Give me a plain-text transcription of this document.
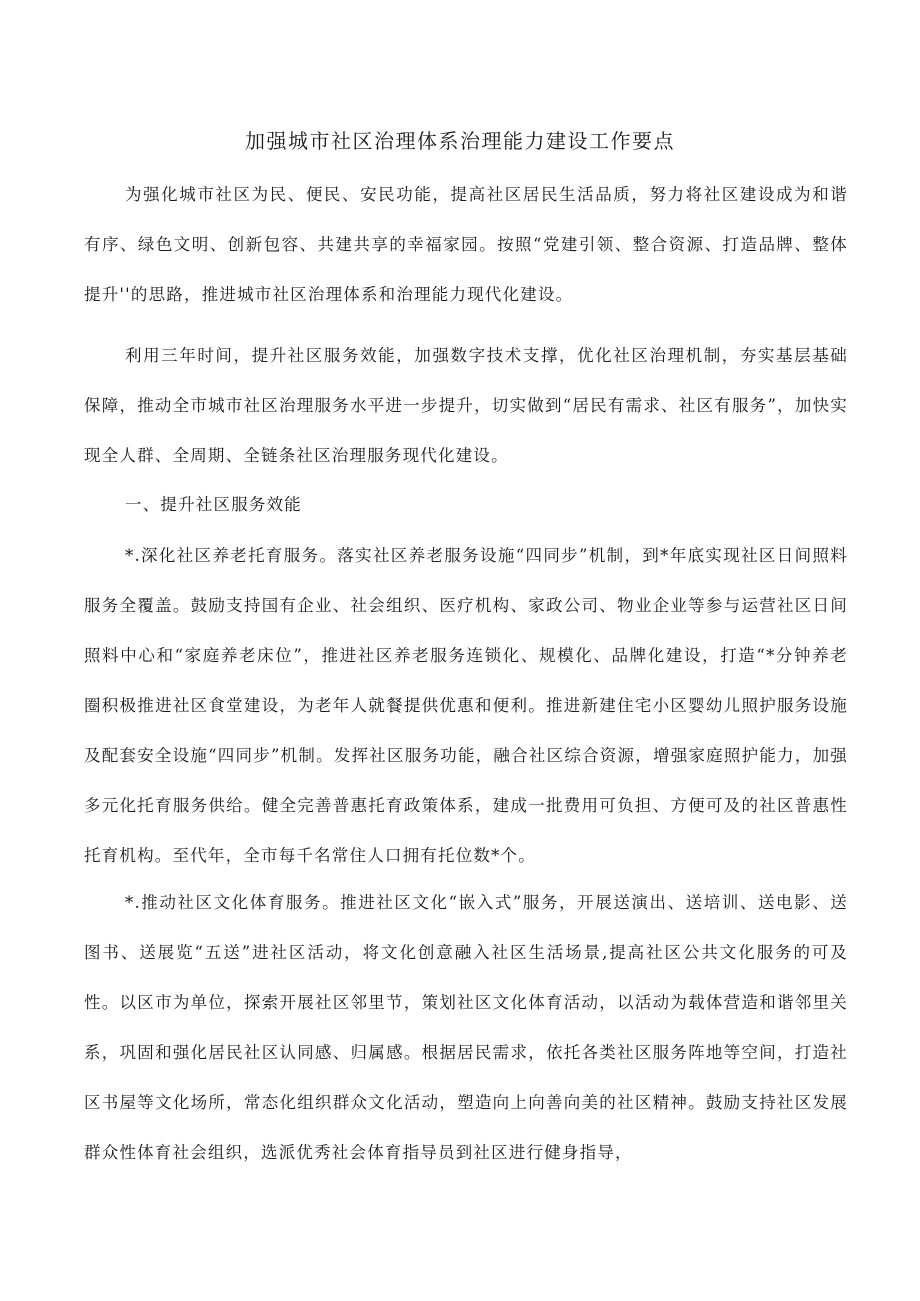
加强城市社区治理体系治理能力建设工作要点

为强化城市社区为民、便民、安民功能，提高社区居民生活品质，努力将社区建设成为和谐有序、绿色文明、创新包容、共建共享的幸福家园。按照“党建引领、整合资源、打造品牌、整体提升''的思路，推进城市社区治理体系和治理能力现代化建设。

利用三年时间，提升社区服务效能，加强数字技术支撑，优化社区治理机制，夯实基层基础保障，推动全市城市社区治理服务水平进一步提升，切实做到“居民有需求、社区有服务”，加快实现全人群、全周期、全链条社区治理服务现代化建设。

一、提升社区服务效能

*.深化社区养老托育服务。落实社区养老服务设施“四同步”机制，到*年底实现社区日间照料服务全覆盖。鼓励支持国有企业、社会组织、医疗机构、家政公司、物业企业等参与运营社区日间照料中心和“家庭养老床位”，推进社区养老服务连锁化、规模化、品牌化建设，打造“*分钟养老圈积极推进社区食堂建设，为老年人就餐提供优惠和便利。推进新建住宅小区婴幼儿照护服务设施及配套安全设施“四同步”机制。发挥社区服务功能，融合社区综合资源，增强家庭照护能力，加强多元化托育服务供给。健全完善普惠托育政策体系，建成一批费用可负担、方便可及的社区普惠性托育机构。至代年，全市每千名常住人口拥有托位数*个。

*.推动社区文化体育服务。推进社区文化“嵌入式”服务，开展送演出、送培训、送电影、送图书、送展览“五送”进社区活动，将文化创意融入社区生活场景,提高社区公共文化服务的可及性。以区市为单位，探索开展社区邻里节，策划社区文化体育活动，以活动为载体营造和谐邻里关系，巩固和强化居民社区认同感、归属感。根据居民需求，依托各类社区服务阵地等空间，打造社区书屋等文化场所，常态化组织群众文化活动，塑造向上向善向美的社区精神。鼓励支持社区发展群众性体育社会组织，选派优秀社会体育指导员到社区进行健身指导，
